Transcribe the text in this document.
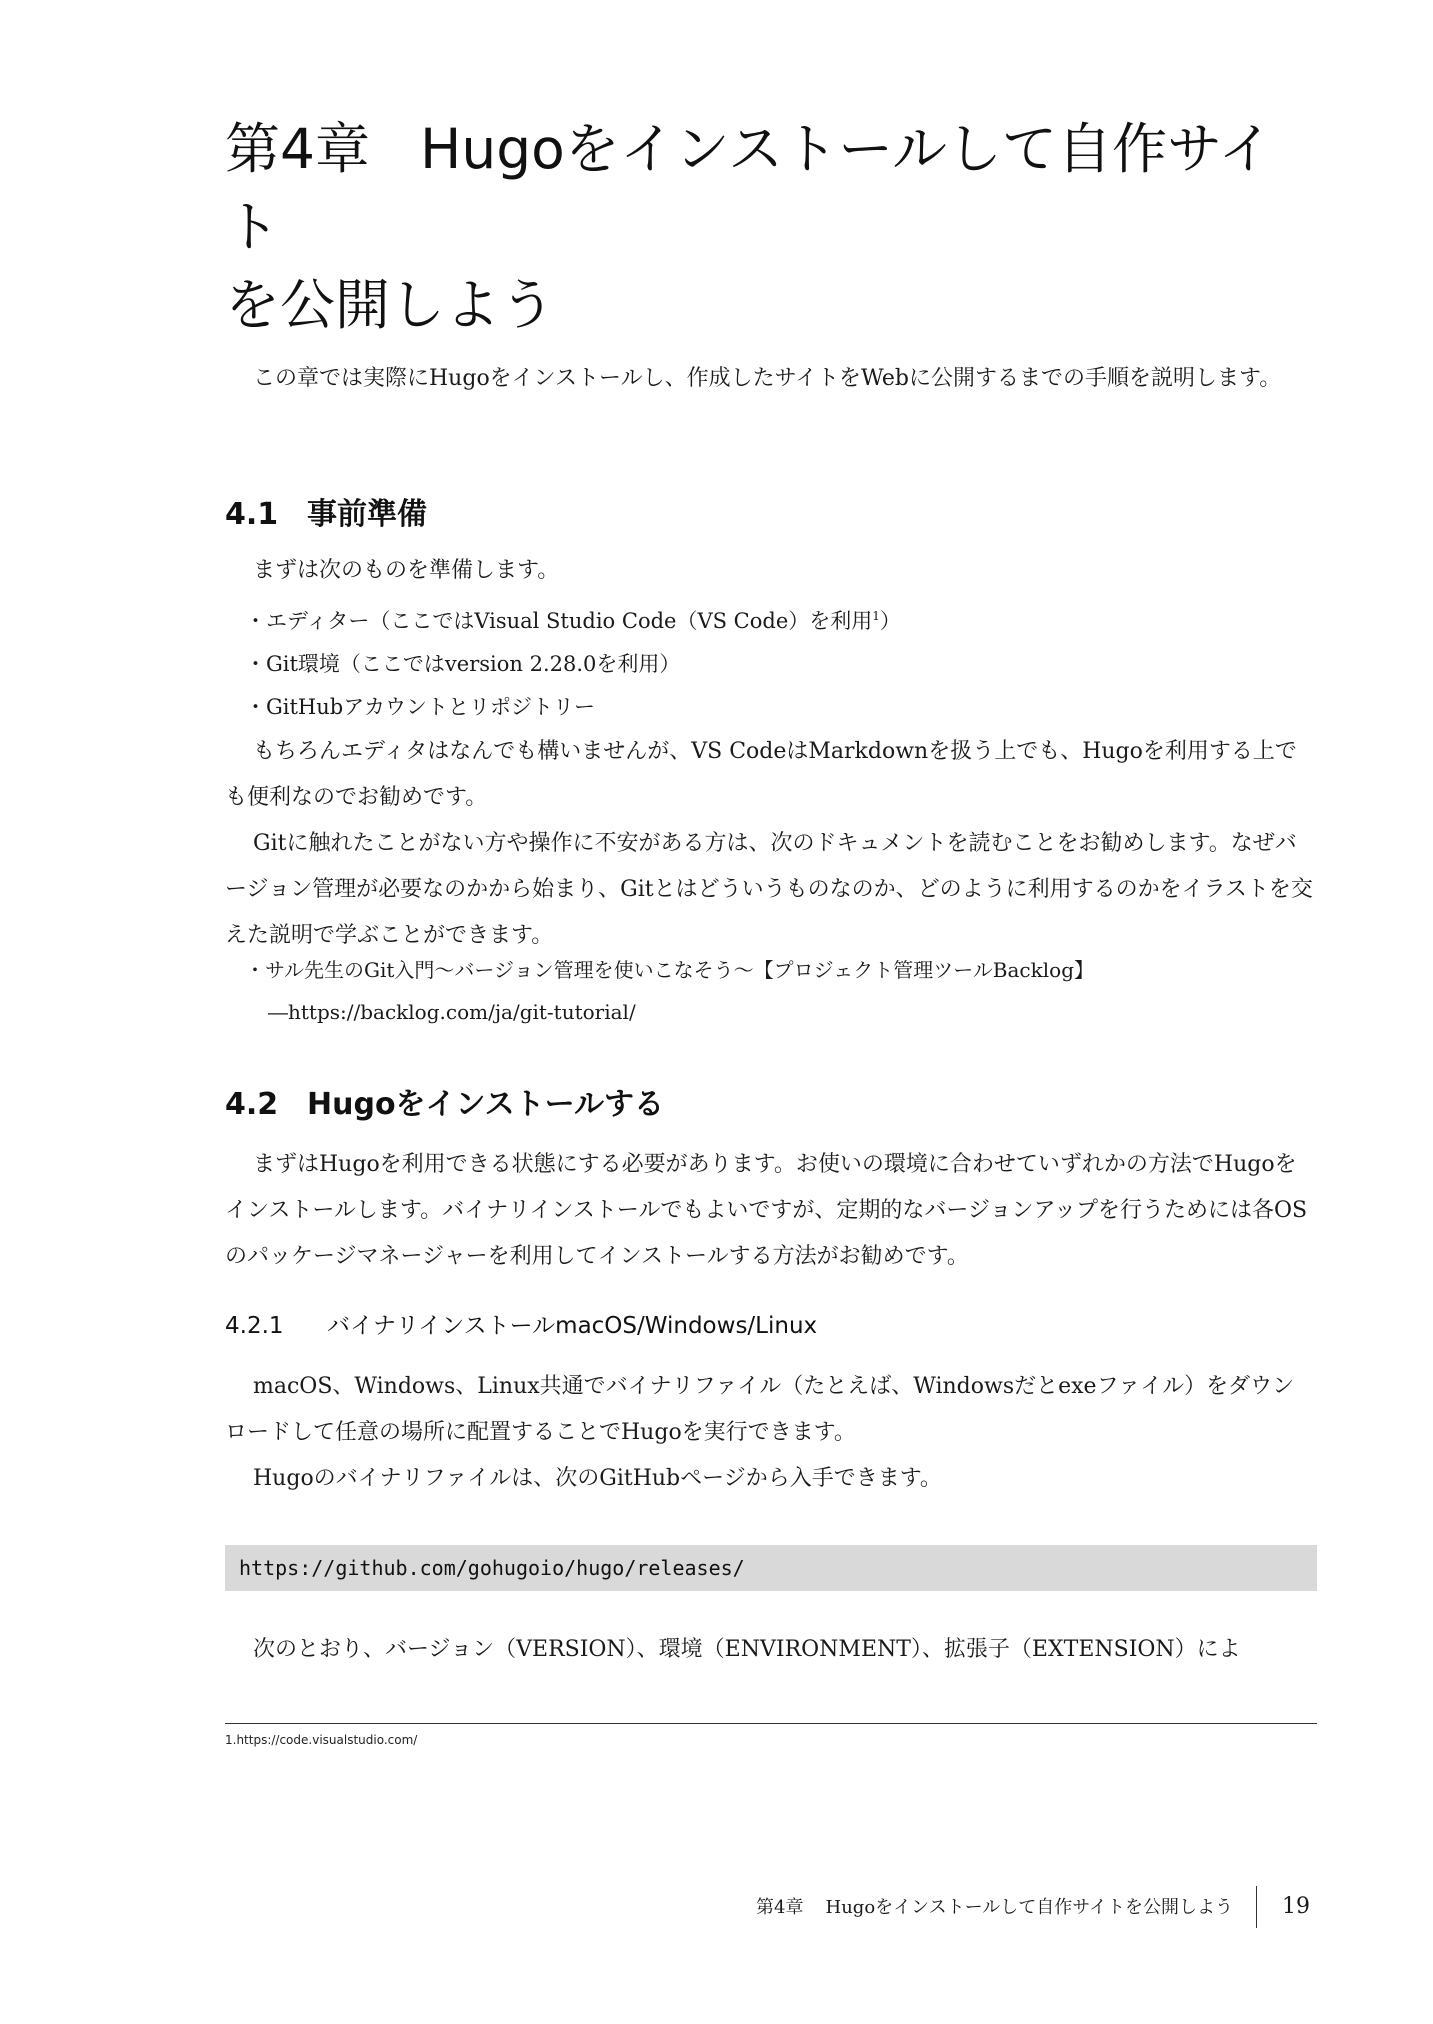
第4章 Hugoをインストールして自作サイト
を公開しよう

この章では実際にHugoをインストールし、作成したサイトをWebに公開するまでの手順を説明します。

4.1 事前準備

まずは次のものを準備します。

・エディター（ここではVisual Studio Code（VS Code）を利用$^1$）

・Git環境（ここではversion 2.28.0を利用）

・GitHubアカウントとリポジトリー

もちろんエディタはなんでも構いませんが、VS CodeはMarkdownを扱う上でも、Hugoを利用する上でも便利なのでお勧めです。

Gitに触れたことがない方や操作に不安がある方は、次のドキュメントを読むことをお勧めします。なぜバージョン管理が必要なのかから始まり、Gitとはどういうものなのか、どのように利用するのかをイラストを交えた説明で学ぶことができます。

・サル先生のGit入門〜バージョン管理を使いこなそう〜【プロジェクト管理ツールBacklog】

―https://backlog.com/ja/git-tutorial/

4.2 Hugoをインストールする

まずはHugoを利用できる状態にする必要があります。お使いの環境に合わせていずれかの方法でHugoをインストールします。バイナリインストールでもよいですが、定期的なバージョンアップを行うためには各OSのパッケージマネージャーを利用してインストールする方法がお勧めです。

4.2.1 バイナリインストールmacOS/Windows/Linux

macOS、Windows、Linux共通でバイナリファイル（たとえば、Windowsだとexeファイル）をダウンロードして任意の場所に配置することでHugoを実行できます。

Hugoのバイナリファイルは、次のGitHubページから入手できます。

https://github.com/gohugoio/hugo/releases/

次のとおり、バージョン（VERSION）、環境（ENVIRONMENT）、拡張子（EXTENSION）によ

1.https://code.visualstudio.com/
第4章 Hugoをインストールして自作サイトを公開しよう 19
